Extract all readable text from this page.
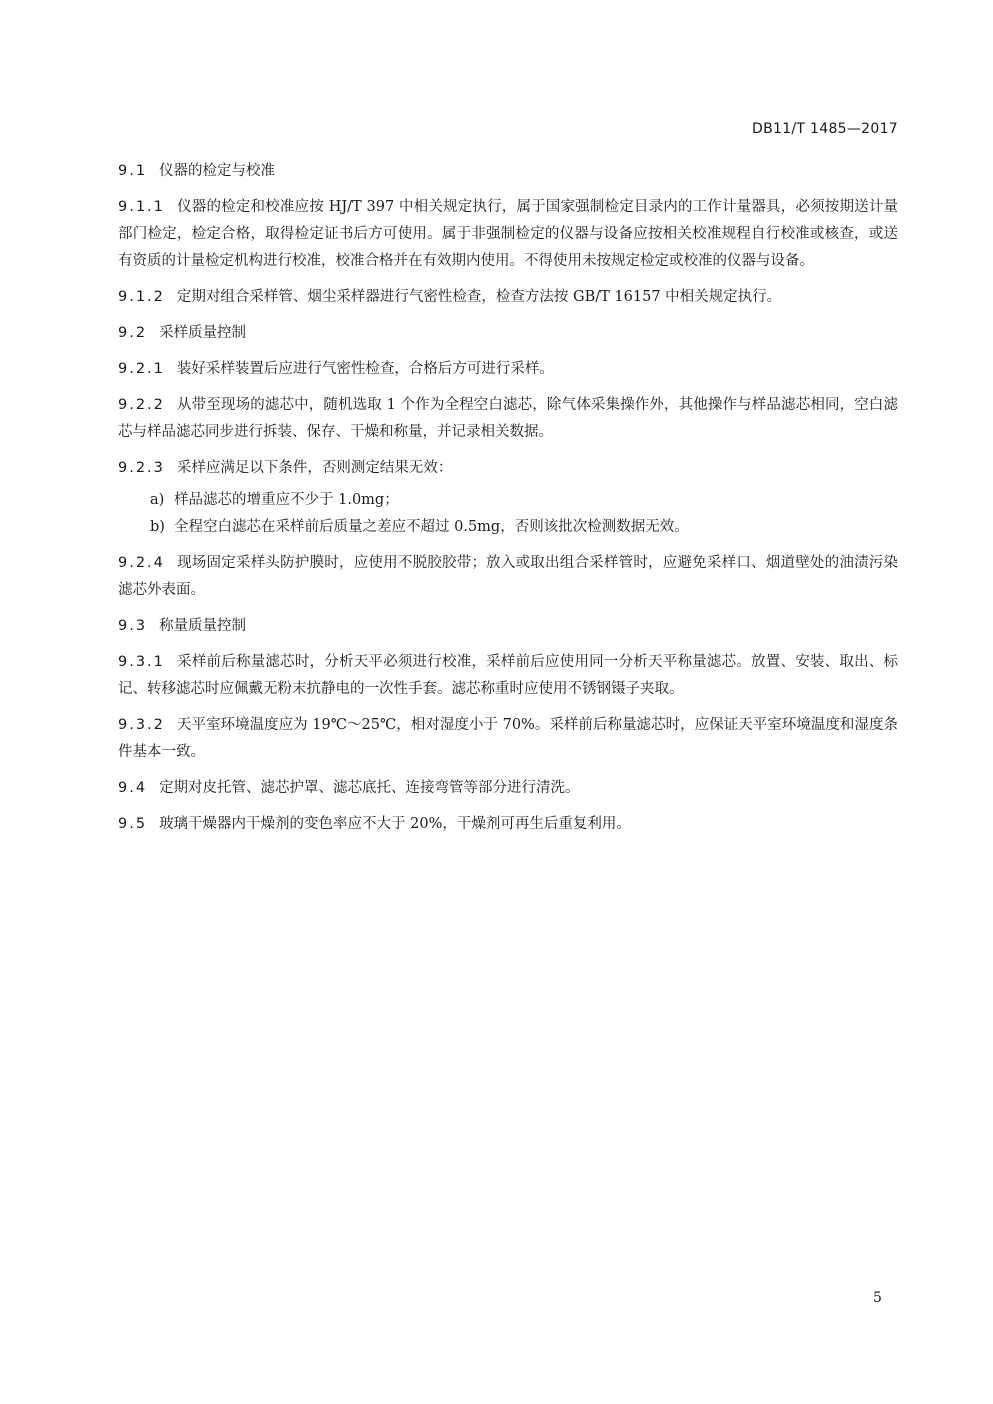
DB11/T 1485—2017
9.1 仪器的检定与校准
9.1.1 仪器的检定和校准应按 HJ/T 397 中相关规定执行，属于国家强制检定目录内的工作计量器具，必须按期送计量部门检定，检定合格，取得检定证书后方可使用。属于非强制检定的仪器与设备应按相关校准规程自行校准或核查，或送有资质的计量检定机构进行校准，校准合格并在有效期内使用。不得使用未按规定检定或校准的仪器与设备。
9.1.2 定期对组合采样管、烟尘采样器进行气密性检查，检查方法按 GB/T 16157 中相关规定执行。
9.2 采样质量控制
9.2.1 装好采样装置后应进行气密性检查，合格后方可进行采样。
9.2.2 从带至现场的滤芯中，随机选取 1 个作为全程空白滤芯，除气体采集操作外，其他操作与样品滤芯相同，空白滤芯与样品滤芯同步进行拆装、保存、干燥和称量，并记录相关数据。
9.2.3 采样应满足以下条件，否则测定结果无效：
a) 样品滤芯的增重应不少于 1.0mg；
b) 全程空白滤芯在采样前后质量之差应不超过 0.5mg，否则该批次检测数据无效。
9.2.4 现场固定采样头防护膜时，应使用不脱胶胶带；放入或取出组合采样管时，应避免采样口、烟道壁处的油渍污染滤芯外表面。
9.3 称量质量控制
9.3.1 采样前后称量滤芯时，分析天平必须进行校准，采样前后应使用同一分析天平称量滤芯。放置、安装、取出、标记、转移滤芯时应佩戴无粉末抗静电的一次性手套。滤芯称重时应使用不锈钢镊子夹取。
9.3.2 天平室环境温度应为 19℃～25℃，相对湿度小于 70%。采样前后称量滤芯时，应保证天平室环境温度和湿度条件基本一致。
9.4 定期对皮托管、滤芯护罩、滤芯底托、连接弯管等部分进行清洗。
9.5 玻璃干燥器内干燥剂的变色率应不大于 20%，干燥剂可再生后重复利用。
5
